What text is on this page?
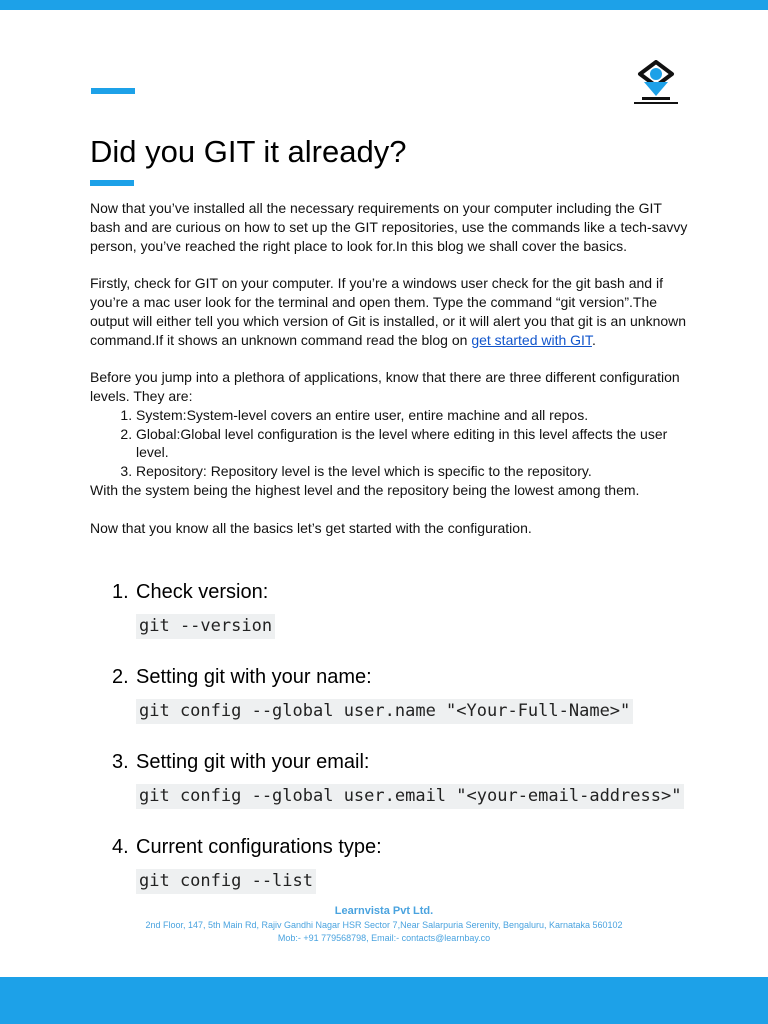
Did you GIT it already?

Now that you’ve installed all the necessary requirements on your computer including the GIT bash and are curious on how to set up the GIT repositories, use the commands like a tech-savvy person, you’ve reached the right place to look for.In this blog we shall cover the basics.

Firstly, check for GIT on your computer. If you’re a windows user check for the git bash and if you’re a mac user look for the terminal and open them. Type the command “git version”.The output will either tell you which version of Git is installed, or it will alert you that git is an unknown command.If it shows an unknown command read the blog on get started with GIT.

Before you jump into a plethora of applications, know that there are three different configuration levels. They are:

1. System:System-level covers an entire user, entire machine and all repos.
2. Global:Global level configuration is the level where editing in this level affects the user level.
3. Repository: Repository level is the level which is specific to the repository.

With the system being the highest level and the repository being the lowest among them.

Now that you know all the basics let’s get started with the configuration.

1. Check version:
git --version
2. Setting git with your name:
git config --global user.name "<Your-Full-Name>"
3. Setting git with your email:
git config --global user.email "<your-email-address>"
4. Current configurations type:
git config --list

Learnvista Pvt Ltd.

2nd Floor, 147, 5th Main Rd, Rajiv Gandhi Nagar HSR Sector 7,Near Salarpuria Serenity, Bengaluru, Karnataka 560102

Mob:- +91 779568798, Email:- contacts@learnbay.co
